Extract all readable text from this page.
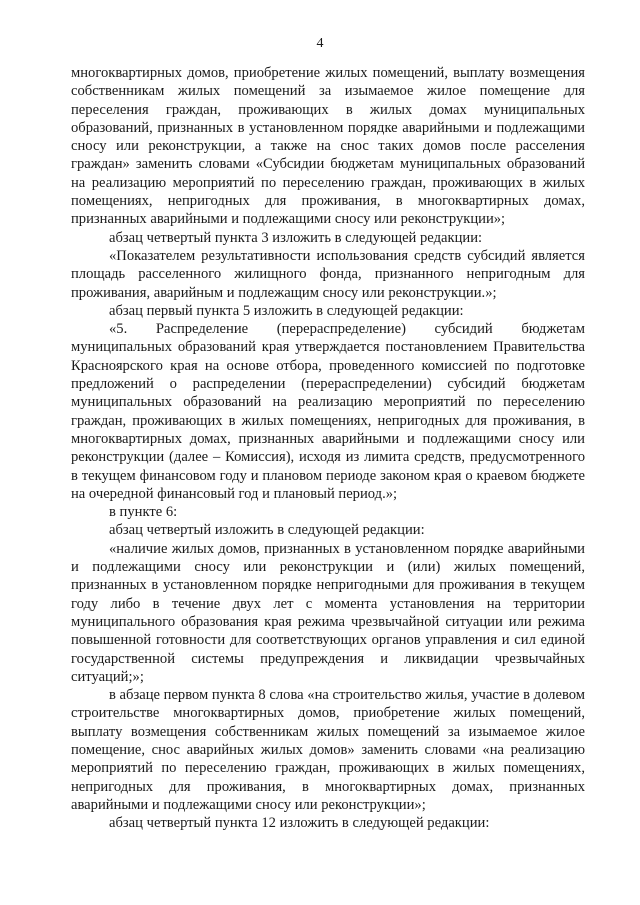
4

многоквартирных домов, приобретение жилых помещений, выплату возмещения собственникам жилых помещений за изымаемое жилое помещение для переселения граждан, проживающих в жилых домах муниципальных образований, признанных в установленном порядке аварийными и подлежащими сносу или реконструкции, а также на снос таких домов после расселения граждан» заменить словами «Субсидии бюджетам муниципальных образований на реализацию мероприятий по переселению граждан, проживающих в жилых помещениях, непригодных для проживания, в многоквартирных домах, признанных аварийными и подлежащими сносу или реконструкции»;

абзац четвертый пункта 3 изложить в следующей редакции:

«Показателем результативности использования средств субсидий является площадь расселенного жилищного фонда, признанного непригодным для проживания, аварийным и подлежащим сносу или реконструкции.»;

абзац первый пункта 5 изложить в следующей редакции:

«5. Распределение (перераспределение) субсидий бюджетам муниципальных образований края утверждается постановлением Правительства Красноярского края на основе отбора, проведенного комиссией по подготовке предложений о распределении (перераспределении) субсидий бюджетам муниципальных образований на реализацию мероприятий по переселению граждан, проживающих в жилых помещениях, непригодных для проживания, в многоквартирных домах, признанных аварийными и подлежащими сносу или реконструкции (далее – Комиссия), исходя из лимита средств, предусмотренного в текущем финансовом году и плановом периоде законом края о краевом бюджете на очередной финансовый год и плановый период.»;

в пункте 6:

абзац четвертый изложить в следующей редакции:

«наличие жилых домов, признанных в установленном порядке аварийными и подлежащими сносу или реконструкции и (или) жилых помещений, признанных в установленном порядке непригодными для проживания в текущем году либо в течение двух лет с момента установления на территории муниципального образования края режима чрезвычайной ситуации или режима повышенной готовности для соответствующих органов управления и сил единой государственной системы предупреждения и ликвидации чрезвычайных ситуаций;»;

в абзаце первом пункта 8 слова «на строительство жилья, участие в долевом строительстве многоквартирных домов, приобретение жилых помещений, выплату возмещения собственникам жилых помещений за изымаемое жилое помещение, снос аварийных жилых домов» заменить словами «на реализацию мероприятий по переселению граждан, проживающих в жилых помещениях, непригодных для проживания, в многоквартирных домах, признанных аварийными и подлежащими сносу или реконструкции»;

абзац четвертый пункта 12 изложить в следующей редакции:
